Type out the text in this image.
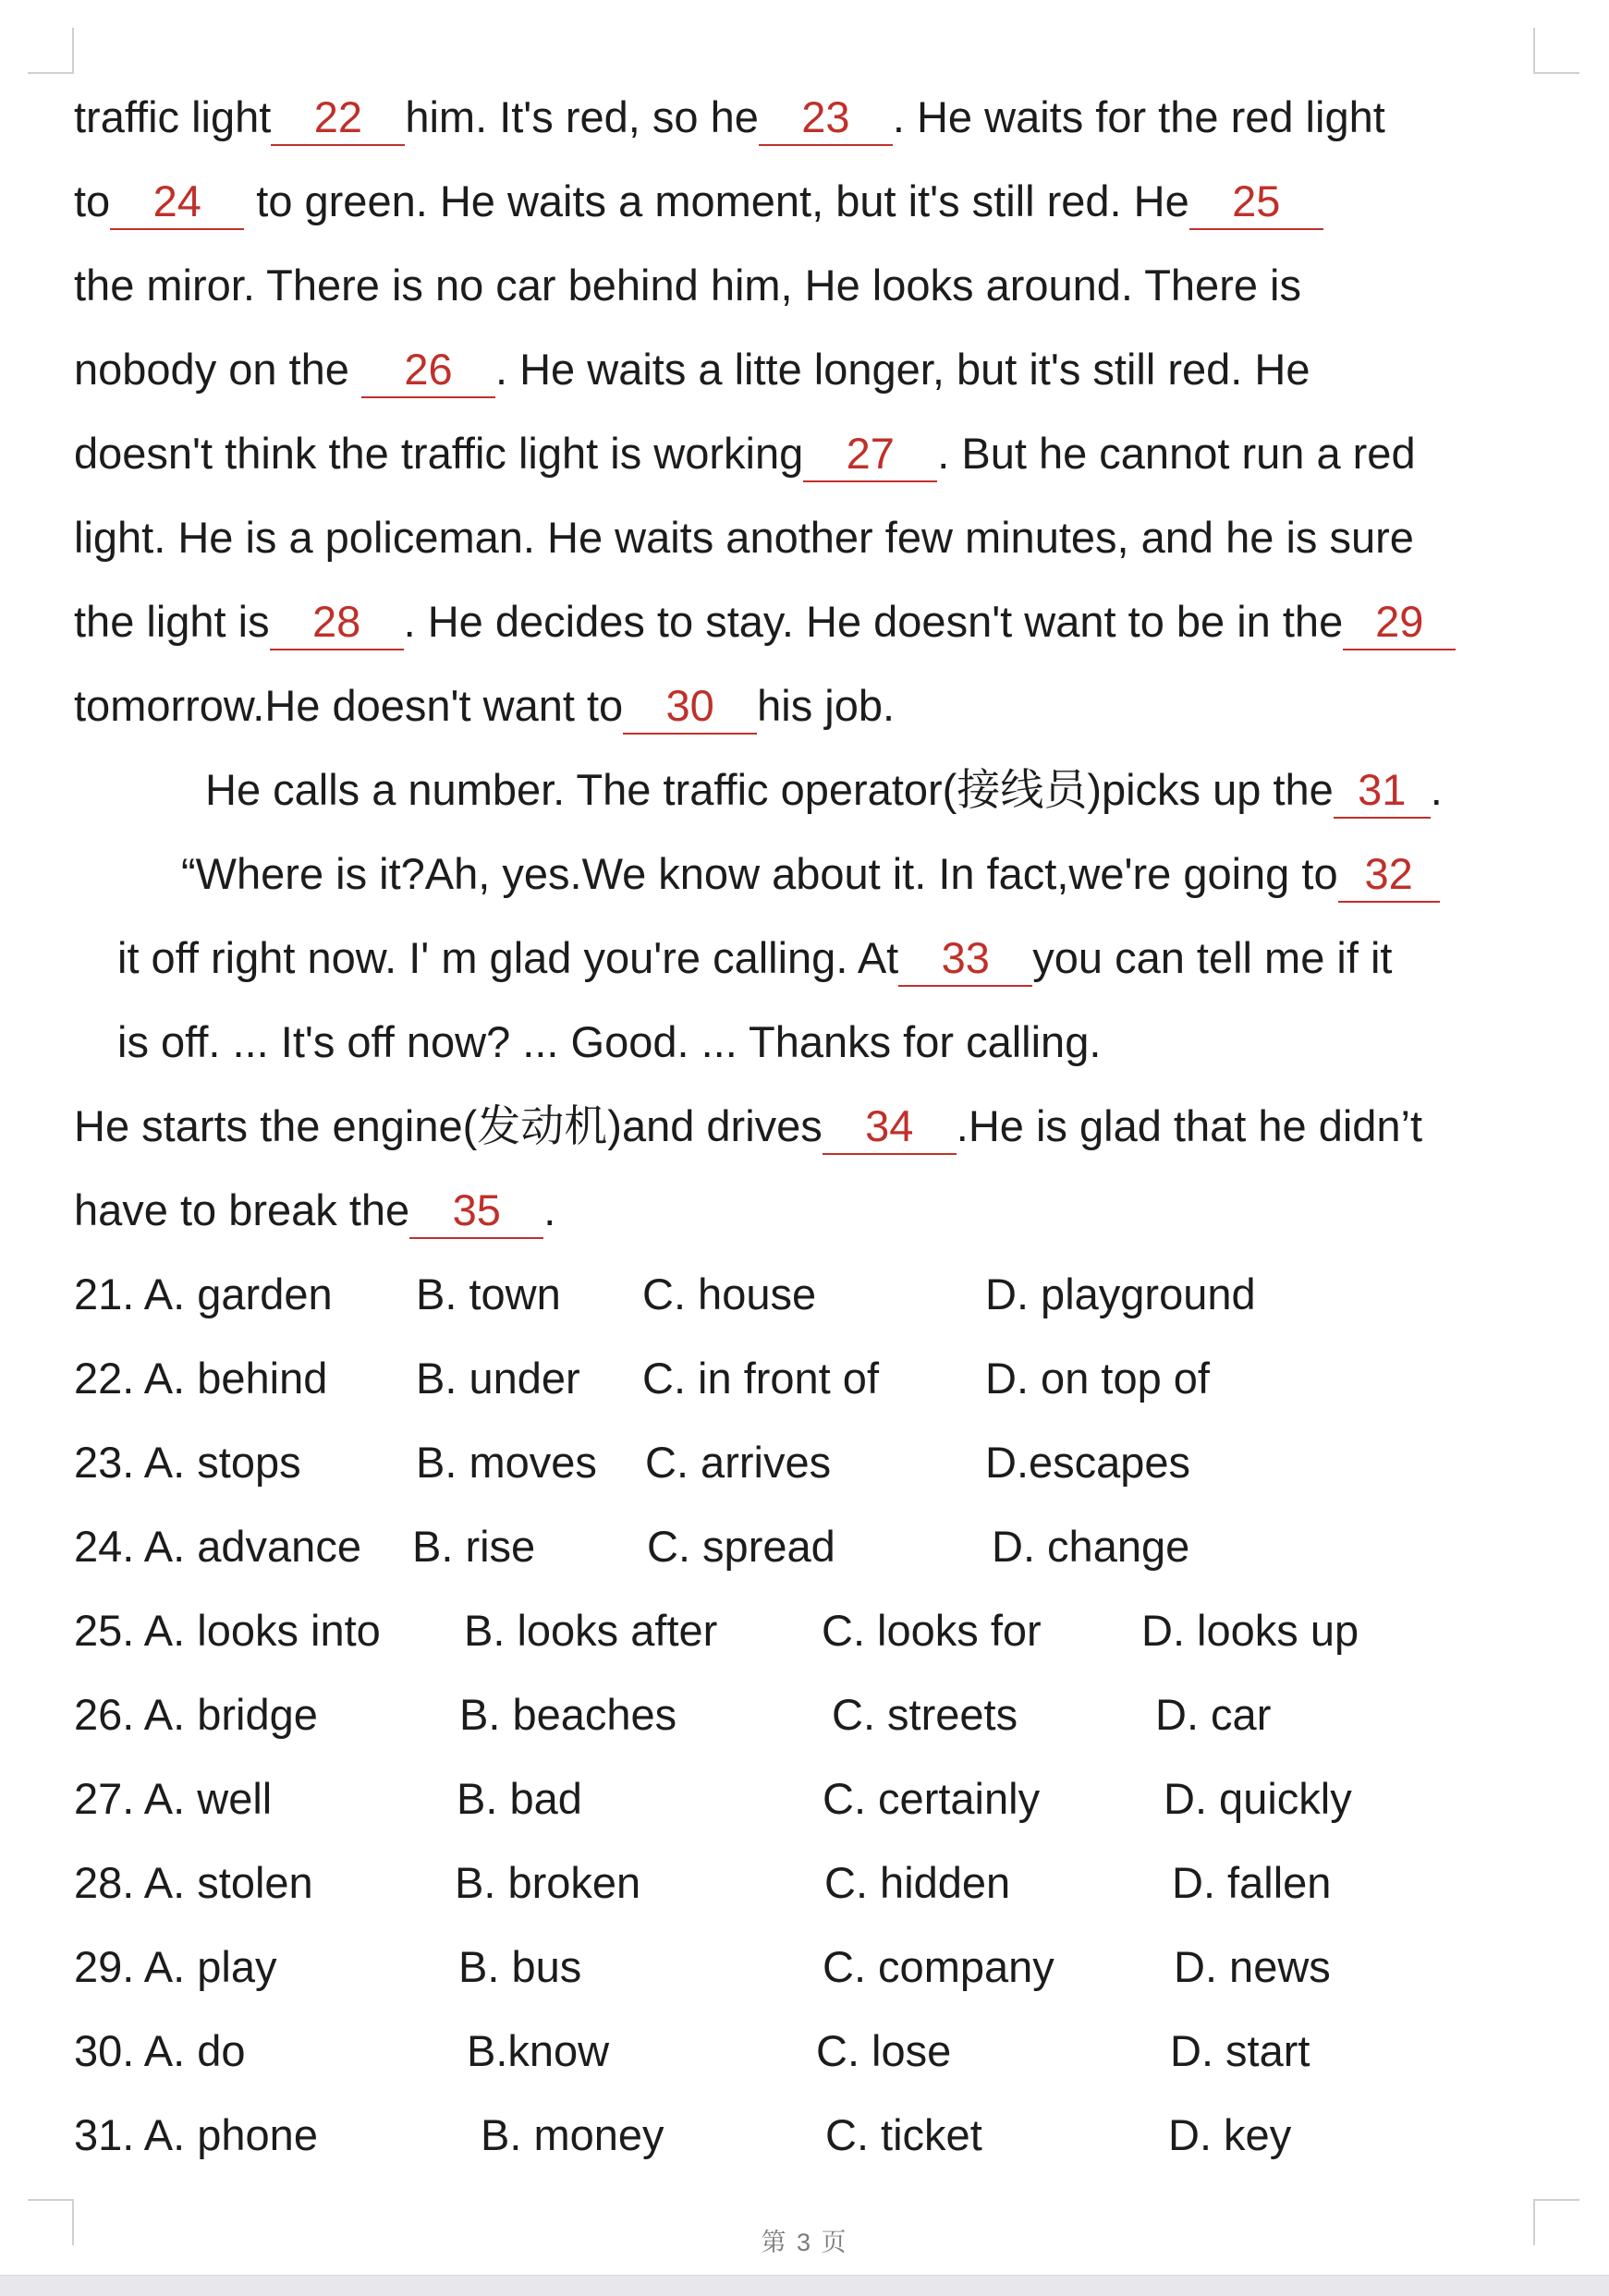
traffic light 22 him. It's red, so he 23 . He waits for the red light
to 24 to green. He waits a moment, but it's still red. He 25
the miror. There is no car behind him, He looks around. There is
nobody on the 26 . He waits a litte longer, but it's still red. He
doesn't think the traffic light is working 27 . But he cannot run a red
light. He is a policeman. He waits another few minutes, and he is sure
the light is 28 . He decides to stay. He doesn't want to be in the 29
tomorrow.He doesn't want to 30 his job.
He calls a number. The traffic operator(接线员)picks up the 31 .
“Where is it?Ah, yes.We know about it. In fact,we're going to 32
it off right now. I' m glad you're calling. At 33 you can tell me if it
is off. ... It's off now? ... Good. ... Thanks for calling.
He starts the engine(发动机)and drives 34 .He is glad that he didn’t
have to break the 35 .
21. A. garden B. town C. house	D. playground
22. A. behind B. under C. in front of D. on top of
23. A. stops	B. moves C. arrives	D.escapes
24. A. advance B. rise	C. spread	D. change
25. A. looks into B. looks after C. looks for D. looks up
26. A. bridge	B. beaches	C. streets	D. car
27. A. well	B. bad	C. certainly	D. quickly
28. A. stolen	B. broken	C. hidden	D. fallen
29. A. play	B. bus	C. company	D. news
30. A. do	B.know	C. lose	D. start
31. A. phone	B. money	C. ticket	D. key
第 3 页
